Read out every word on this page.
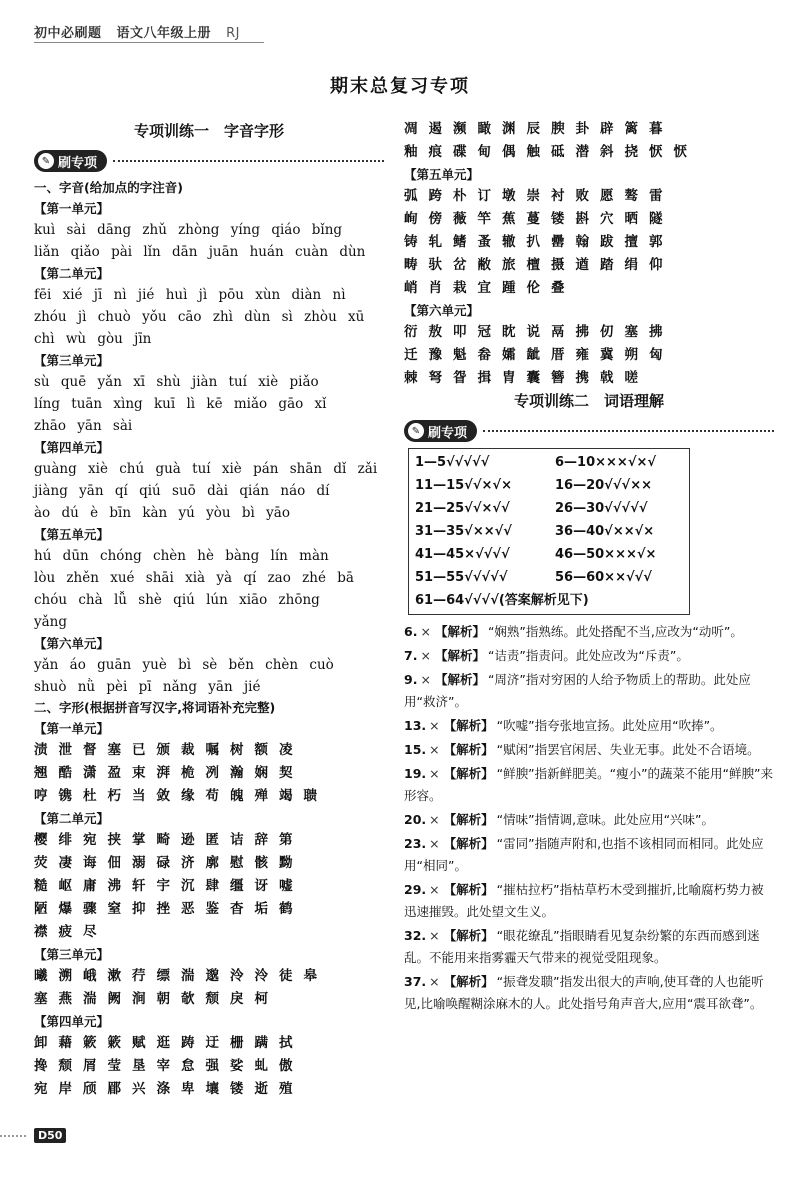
初中必刷题 语文八年级上册 RJ
期末总复习专项
专项训练一　字音字形
✎ 刷专项
一、字音(给加点的字注音)
【第一单元】
kuì sài dāng zhǔ zhòng yíng qiáo bǐng
liǎn qiǎo pài lǐn dān juān huán cuàn dùn
【第二单元】
fēi xié jī nì jié huì jì pōu xùn diàn nì
zhóu jì chuò yǒu cāo zhì dùn sì zhòu xū
chì wù gòu jīn
【第三单元】
sù quē yǎn xī shù jiàn tuí xiè piǎo
líng tuān xìng kuī lì kē miǎo gāo xǐ
zhāo yān sài
【第四单元】
guàng xiè chú guà tuí xiè pán shān dǐ zǎi
jiàng yān qí qiú suō dài qián náo dí
ào dú è bīn kàn yú yòu bì yāo
【第五单元】
hú dūn chóng chèn hè bàng lín màn
lòu zhěn xué shāi xià yà qí zao zhé bā
chóu chà lǚ shè qiú lún xiāo zhōng
yǎng
【第六单元】
yǎn áo guān yuè bì sè běn chèn cuò
shuò nǜ pèi pī nǎng yān jié
二、字形(根据拼音写汉字,将词语补充完整)
【第一单元】
渍泄督塞已颁裁嘱树额凌
翘酷潇盈束湃桅冽瀚娴契
哼镌杜朽当敛缘苟魄殚竭聩
【第二单元】
樱绯宛挟掌畸逊匿诘辞第
荧凄诲佃溺碌济廓慰骸黝
糙岖庸沸轩宇沉肆缰讶嘘
陋爆骤窒抑挫恶鉴杳垢鹤
襟疲尽
【第三单元】
曦溯峨漱荇缥湍邈泠泠徒皋
塞燕湍阙涧朝欹颓戾柯
【第四单元】
卸藉簌簌赋逛踌迂栅蹒拭
搀颓屑莹垦宰怠强娑虬傲
宛岸颀郿兴涤卑壤镂逝殖
凋遏濒瞰渊辰腴卦辟篱暮
釉痕碟甸偶触砥潜斜挠恹恹
【第五单元】
弧跨朴订墩崇衬败愿骜雷
峋傍薇竿蕉蔓镂斟穴晒隧
铸轧鳍蚤辙扒罍翰跋擅郭
畴驮岔敝旅檀摄遒踏绢仰
峭肖栽宜踵伦叠
【第六单元】
衍敖叩冠眈说鬲拂仞塞拂
迁豫魁畚孀龇厝雍冀朔匈
棘弩眢揖胄囊簪携戟嗟
专项训练二　词语理解
✎ 刷专项
1—5√√√√√	6—10×××√×√
11—15√√×√×	16—20√√√××
21—25√√×√√	26—30√√√√√
31—35√××√√	36—40√××√×
41—45×√√√√	46—50×××√×
51—55√√√√√	56—60××√√√
61—64√√√√(答案解析见下)
6. × 【解析】 “娴熟”指熟练。此处搭配不当,应改为“动听”。
7. × 【解析】 “诘责”指责问。此处应改为“斥责”。
9. × 【解析】 “周济”指对穷困的人给予物质上的帮助。此处应用“救济”。
13. × 【解析】 “吹嘘”指夸张地宣扬。此处应用“吹捧”。
15. × 【解析】 “赋闲”指罢官闲居、失业无事。此处不合语境。
19. × 【解析】 “鲜腴”指新鲜肥美。“瘦小”的蔬菜不能用“鲜腴”来形容。
20. × 【解析】 “情味”指情调,意味。此处应用“兴味”。
23. × 【解析】 “雷同”指随声附和,也指不该相同而相同。此处应用“相同”。
29. × 【解析】 “摧枯拉朽”指枯草朽木受到摧折,比喻腐朽势力被迅速摧毁。此处望文生义。
32. × 【解析】 “眼花缭乱”指眼睛看见复杂纷繁的东西而感到迷乱。不能用来指雾霾天气带来的视觉受阻现象。
37. × 【解析】 “振聋发聩”指发出很大的声响,使耳聋的人也能听见,比喻唤醒糊涂麻木的人。此处指号角声音大,应用“震耳欲聋”。
D50
